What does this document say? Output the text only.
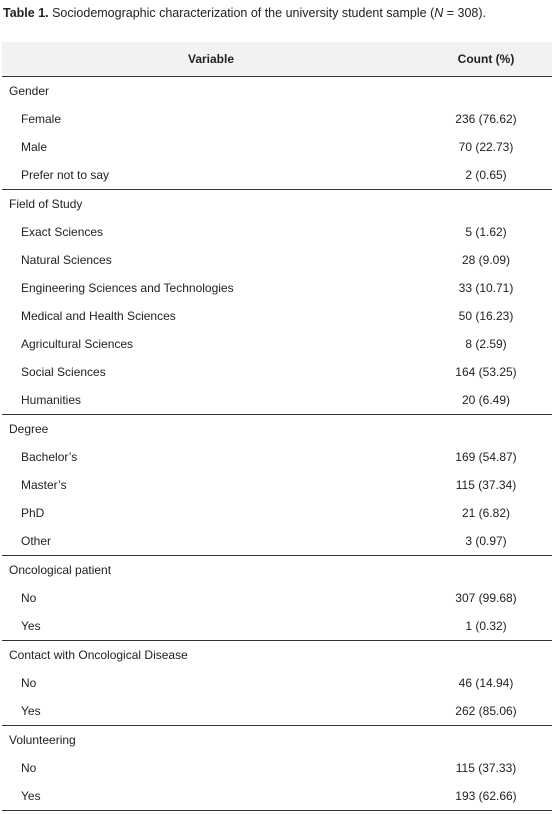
Table 1. Sociodemographic characterization of the university student sample (N = 308).
Variable	Count (%)
Gender	
Female	236 (76.62)
Male	70 (22.73)
Prefer not to say	2 (0.65)
Field of Study	
Exact Sciences	5 (1.62)
Natural Sciences	28 (9.09)
Engineering Sciences and Technologies	33 (10.71)
Medical and Health Sciences	50 (16.23)
Agricultural Sciences	8 (2.59)
Social Sciences	164 (53.25)
Humanities	20 (6.49)
Degree	
Bachelor’s	169 (54.87)
Master’s	115 (37.34)
PhD	21 (6.82)
Other	3 (0.97)
Oncological patient	
No	307 (99.68)
Yes	1 (0.32)
Contact with Oncological Disease	
No	46 (14.94)
Yes	262 (85.06)
Volunteering	
No	115 (37.33)
Yes	193 (62.66)
